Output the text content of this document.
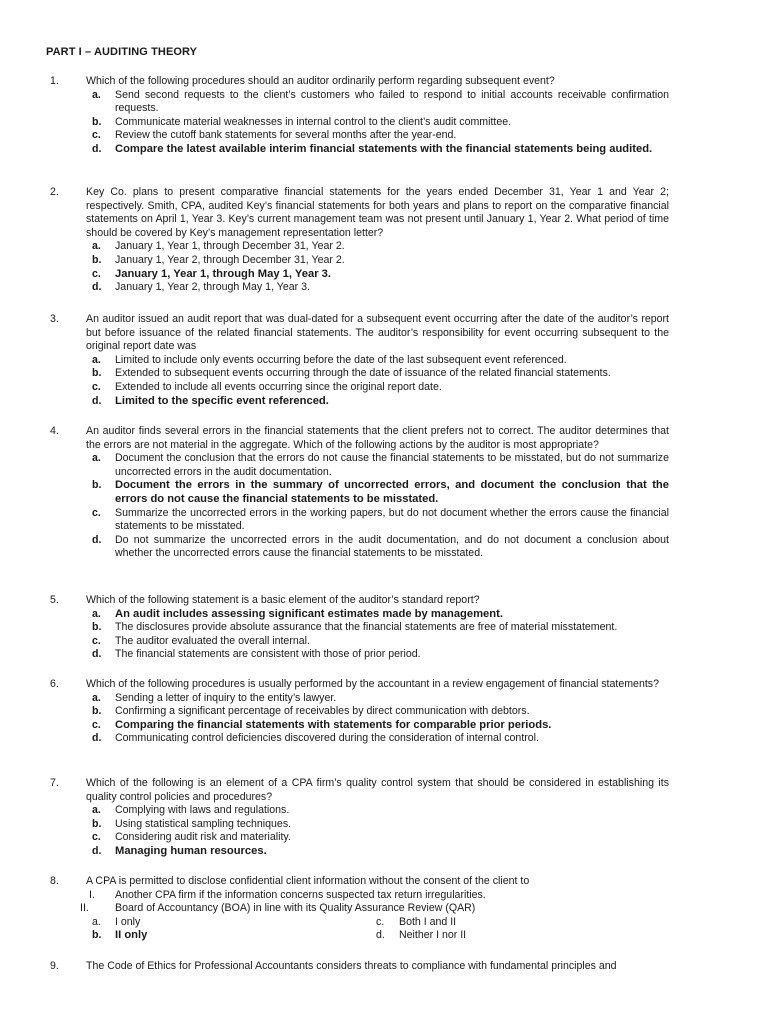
PART I – AUDITING THEORY
1.	Which of the following procedures should an auditor ordinarily perform regarding subsequent event?
a.	Send second requests to the client’s customers who failed to respond to initial accounts receivable confirmation requests.
b.	Communicate material weaknesses in internal control to the client’s audit committee.
c.	Review the cutoff bank statements for several months after the year-end.
d.	Compare the latest available interim financial statements with the financial statements being audited.
2.	Key Co. plans to present comparative financial statements for the years ended December 31, Year 1 and Year 2; respectively. Smith, CPA, audited Key’s financial statements for both years and plans to report on the comparative financial statements on April 1, Year 3. Key’s current management team was not present until January 1, Year 2. What period of time should be covered by Key’s management representation letter?
a.	January 1, Year 1, through December 31, Year 2.
b.	January 1, Year 2, through December 31, Year 2.
c.	January 1, Year 1, through May 1, Year 3.
d.	January 1, Year 2, through May 1, Year 3.
3.	An auditor issued an audit report that was dual-dated for a subsequent event occurring after the date of the auditor’s report but before issuance of the related financial statements. The auditor’s responsibility for event occurring subsequent to the original report date was
a.	Limited to include only events occurring before the date of the last subsequent event referenced.
b.	Extended to subsequent events occurring through the date of issuance of the related financial statements.
c.	Extended to include all events occurring since the original report date.
d.	Limited to the specific event referenced.
4.	An auditor finds several errors in the financial statements that the client prefers not to correct. The auditor determines that the errors are not material in the aggregate. Which of the following actions by the auditor is most appropriate?
a.	Document the conclusion that the errors do not cause the financial statements to be misstated, but do not summarize uncorrected errors in the audit documentation.
b.	Document the errors in the summary of uncorrected errors, and document the conclusion that the errors do not cause the financial statements to be misstated.
c.	Summarize the uncorrected errors in the working papers, but do not document whether the errors cause the financial statements to be misstated.
d.	Do not summarize the uncorrected errors in the audit documentation, and do not document a conclusion about whether the uncorrected errors cause the financial statements to be misstated.
5.	Which of the following statement is a basic element of the auditor’s standard report?
a.	An audit includes assessing significant estimates made by management.
b.	The disclosures provide absolute assurance that the financial statements are free of material misstatement.
c.	The auditor evaluated the overall internal.
d.	The financial statements are consistent with those of prior period.
6.	Which of the following procedures is usually performed by the accountant in a review engagement of financial statements?
a.	Sending a letter of inquiry to the entity’s lawyer.
b.	Confirming a significant percentage of receivables by direct communication with debtors.
c.	Comparing the financial statements with statements for comparable prior periods.
d.	Communicating control deficiencies discovered during the consideration of internal control.
7.	Which of the following is an element of a CPA firm’s quality control system that should be considered in establishing its quality control policies and procedures?
a.	Complying with laws and regulations.
b.	Using statistical sampling techniques.
c.	Considering audit risk and materiality.
d.	Managing human resources.
8.	A CPA is permitted to disclose confidential client information without the consent of the client to
I.	Another CPA firm if the information concerns suspected tax return irregularities.
II.	Board of Accountancy (BOA) in line with its Quality Assurance Review (QAR)
a.	I only	c.	Both I and II
b.	II only	d.	Neither I nor II
9.	The Code of Ethics for Professional Accountants considers threats to compliance with fundamental principles and
